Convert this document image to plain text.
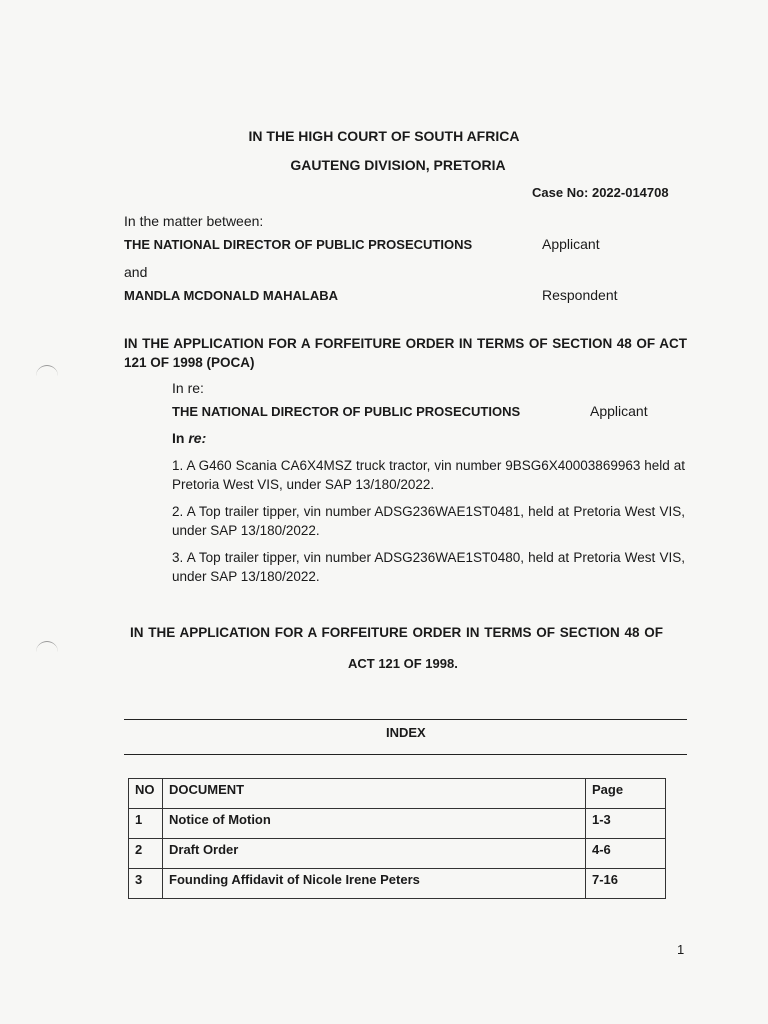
IN THE HIGH COURT OF SOUTH AFRICA
GAUTENG DIVISION, PRETORIA
Case No: 2022-014708
In the matter between:
THE NATIONAL DIRECTOR OF PUBLIC PROSECUTIONS	Applicant
and
MANDLA MCDONALD MAHALABA	Respondent
IN THE APPLICATION FOR A FORFEITURE ORDER IN TERMS OF SECTION 48 OF ACT 121 OF 1998 (POCA)
In re:
THE NATIONAL DIRECTOR OF PUBLIC PROSECUTIONS	Applicant
In re:
1. A G460 Scania CA6X4MSZ truck tractor, vin number 9BSG6X40003869963 held at Pretoria West VIS, under SAP 13/180/2022.
2. A Top trailer tipper, vin number ADSG236WAE1ST0481, held at Pretoria West VIS, under SAP 13/180/2022.
3. A Top trailer tipper, vin number ADSG236WAE1ST0480, held at Pretoria West VIS, under SAP 13/180/2022.
IN THE APPLICATION FOR A FORFEITURE ORDER IN TERMS OF SECTION 48 OF
ACT 121 OF 1998.
INDEX
NO	DOCUMENT	Page
1	Notice of Motion	1-3
2	Draft Order	4-6
3	Founding Affidavit of Nicole Irene Peters	7-16
1
